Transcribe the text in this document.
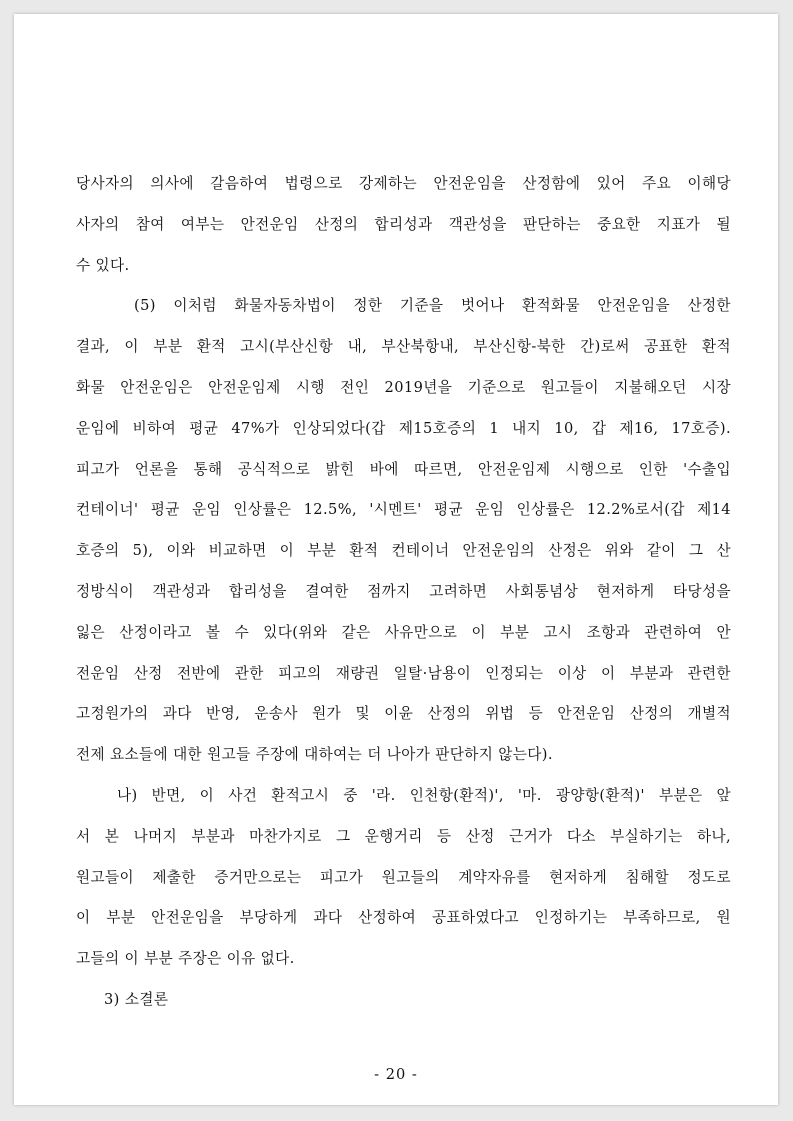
당사자의 의사에 갈음하여 법령으로 강제하는 안전운임을 산정함에 있어 주요 이해당
사자의 참여 여부는 안전운임 산정의 합리성과 객관성을 판단하는 중요한 지표가 될
수 있다.
(5) 이처럼 화물자동차법이 정한 기준을 벗어나 환적화물 안전운임을 산정한
결과, 이 부분 환적 고시(부산신항 내, 부산북항내, 부산신항-북한 간)로써 공표한 환적
화물 안전운임은 안전운임제 시행 전인 2019년을 기준으로 원고들이 지불해오던 시장
운임에 비하여 평균 47%가 인상되었다(갑 제15호증의 1 내지 10, 갑 제16, 17호증).
피고가 언론을 통해 공식적으로 밝힌 바에 따르면, 안전운임제 시행으로 인한 '수출입
컨테이너' 평균 운임 인상률은 12.5%, '시멘트' 평균 운임 인상률은 12.2%로서(갑 제14
호증의 5), 이와 비교하면 이 부분 환적 컨테이너 안전운임의 산정은 위와 같이 그 산
정방식이 객관성과 합리성을 결여한 점까지 고려하면 사회통념상 현저하게 타당성을
잃은 산정이라고 볼 수 있다(위와 같은 사유만으로 이 부분 고시 조항과 관련하여 안
전운임 산정 전반에 관한 피고의 재량권 일탈·남용이 인정되는 이상 이 부분과 관련한
고정원가의 과다 반영, 운송사 원가 및 이윤 산정의 위법 등 안전운임 산정의 개별적
전제 요소들에 대한 원고들 주장에 대하여는 더 나아가 판단하지 않는다).
나) 반면, 이 사건 환적고시 중 '라. 인천항(환적)', '마. 광양항(환적)' 부분은 앞
서 본 나머지 부분과 마찬가지로 그 운행거리 등 산정 근거가 다소 부실하기는 하나,
원고들이 제출한 증거만으로는 피고가 원고들의 계약자유를 현저하게 침해할 정도로
이 부분 안전운임을 부당하게 과다 산정하여 공표하였다고 인정하기는 부족하므로, 원
고들의 이 부분 주장은 이유 없다.
3) 소결론
- 20 -
